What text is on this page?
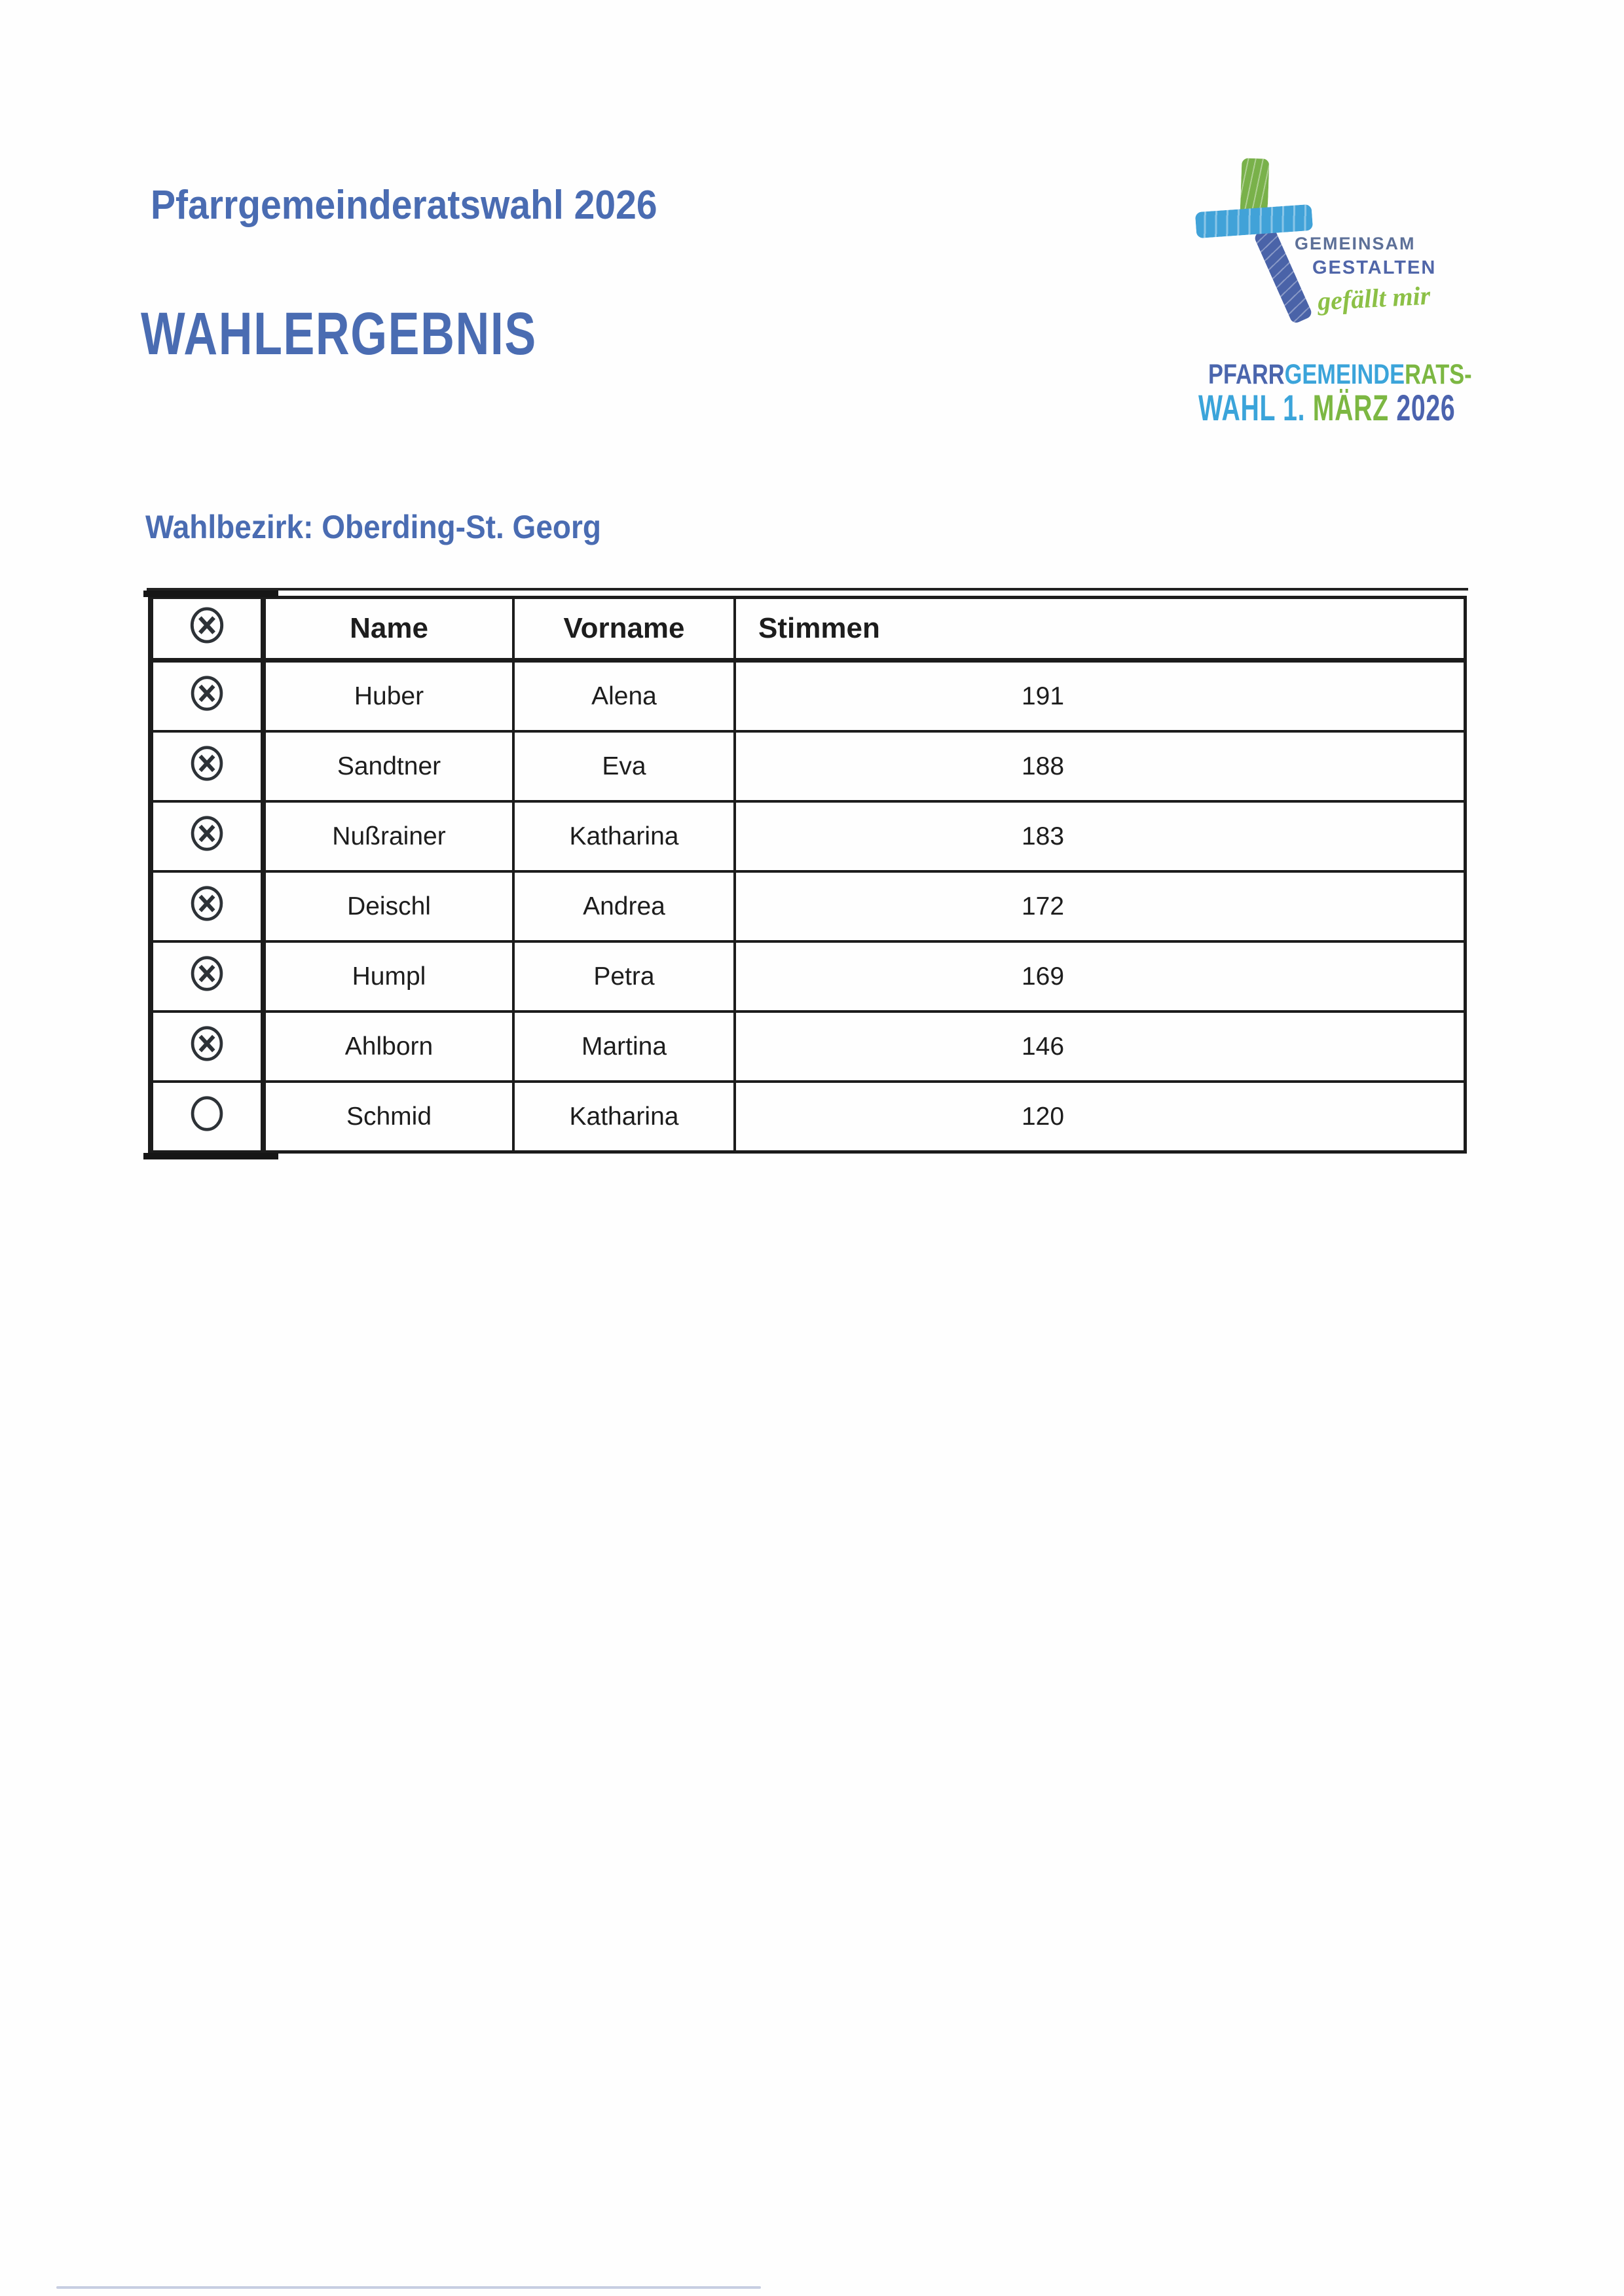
Pfarrgemeinderatswahl 2026
WAHLERGEBNIS
Wahlbezirk: Oberding-St. Georg
GEMEINSAM
GESTALTEN
gefällt mir
PFARRGEMEINDERATS-
WAHL 1. MÄRZ 2026
	Name	Vorname	Stimmen
	Huber	Alena	191
	Sandtner	Eva	188
	Nußrainer	Katharina	183
	Deischl	Andrea	172
	Humpl	Petra	169
	Ahlborn	Martina	146
	Schmid	Katharina	120
